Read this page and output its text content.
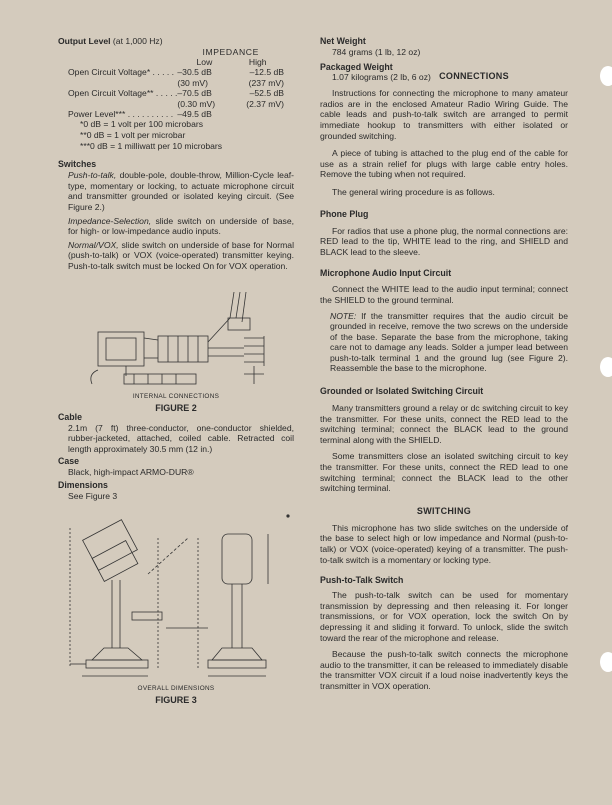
Output Level (at 1,000 Hz)
	IMPEDANCE	
	Low	High
Open Circuit Voltage* . . . . .	–30.5 dB	–12.5 dB
	(30 mV)	(237 mV)
Open Circuit Voltage** . . . . .	–70.5 dB	–52.5 dB
	(0.30 mV)	(2.37 mV)
Power Level*** . . . . . . . . . .	–49.5 dB	
*0 dB = 1 volt per 100 microbars
**0 dB = 1 volt per microbar
***0 dB = 1 milliwatt per 10 microbars
Switches

Push-to-talk, double-pole, double-throw, Million-Cycle leaf-type, momentary or locking, to actuate microphone circuit and transmitter grounded or isolated keying circuit. (See Figure 2.)

Impedance-Selection, slide switch on underside of base, for high- or low-impedance audio inputs.

Normal/VOX, slide switch on underside of base for Normal (push-to-talk) or VOX (voice-operated) transmitter keying. Push-to-talk switch must be locked On for VOX operation.

INTERNAL CONNECTIONS
FIGURE 2
Cable

2.1m (7 ft) three-conductor, one-conductor shielded, rubber-jacketed, attached, coiled cable. Retracted coil length approximately 30.5 mm (12 in.)

Case

Black, high-impact ARMO-DUR®

Dimensions

See Figure 3

OVERALL DIMENSIONS
FIGURE 3
Net Weight

784 grams (1 lb, 12 oz)

Packaged Weight

1.07 kilograms (2 lb, 6 oz) CONNECTIONS

Instructions for connecting the microphone to many amateur radios are in the enclosed Amateur Radio Wiring Guide. The cable leads and push-to-talk switch are arranged to permit immediate hookup to transmitters with either isolated or grounded switching.

A piece of tubing is attached to the plug end of the cable for use as a strain relief for plugs with large cable entry holes. Remove the tubing when not required.

The general wiring procedure is as follows.

Phone Plug

For radios that use a phone plug, the normal connections are: RED lead to the tip, WHITE lead to the ring, and SHIELD and BLACK lead to the sleeve.

Microphone Audio Input Circuit

Connect the WHITE lead to the audio input terminal; connect the SHIELD to the ground terminal.

NOTE: If the transmitter requires that the audio circuit be grounded in receive, remove the two screws on the underside of the base. Separate the base from the microphone, taking care not to damage any leads. Solder a jumper lead between push-to-talk terminal 1 and the ground lug (see Figure 2). Reassemble the base to the microphone.

Grounded or Isolated Switching Circuit

Many transmitters ground a relay or dc switching circuit to key the transmitter. For these units, connect the RED lead to the switching terminal; connect the BLACK lead to the ground terminal along with the SHIELD.

Some transmitters close an isolated switching circuit to key the transmitter. For these units, connect the RED lead to one switching terminal; connect the BLACK lead to the other switching terminal.

SWITCHING

This microphone has two slide switches on the underside of the base to select high or low impedance and Normal (push-to-talk) or VOX (voice-operated) keying of a transmitter. The push-to-talk switch is a momentary or locking type.

Push-to-Talk Switch

The push-to-talk switch can be used for momentary transmission by depressing and then releasing it. For longer transmissions, or for VOX operation, lock the switch On by depressing it and sliding it forward. To unlock, slide the switch toward the rear of the microphone and release.

Because the push-to-talk switch connects the microphone audio to the transmitter, it can be released to immediately disable the transmitter VOX circuit if a loud noise inadvertently keys the transmitter in VOX operation.
